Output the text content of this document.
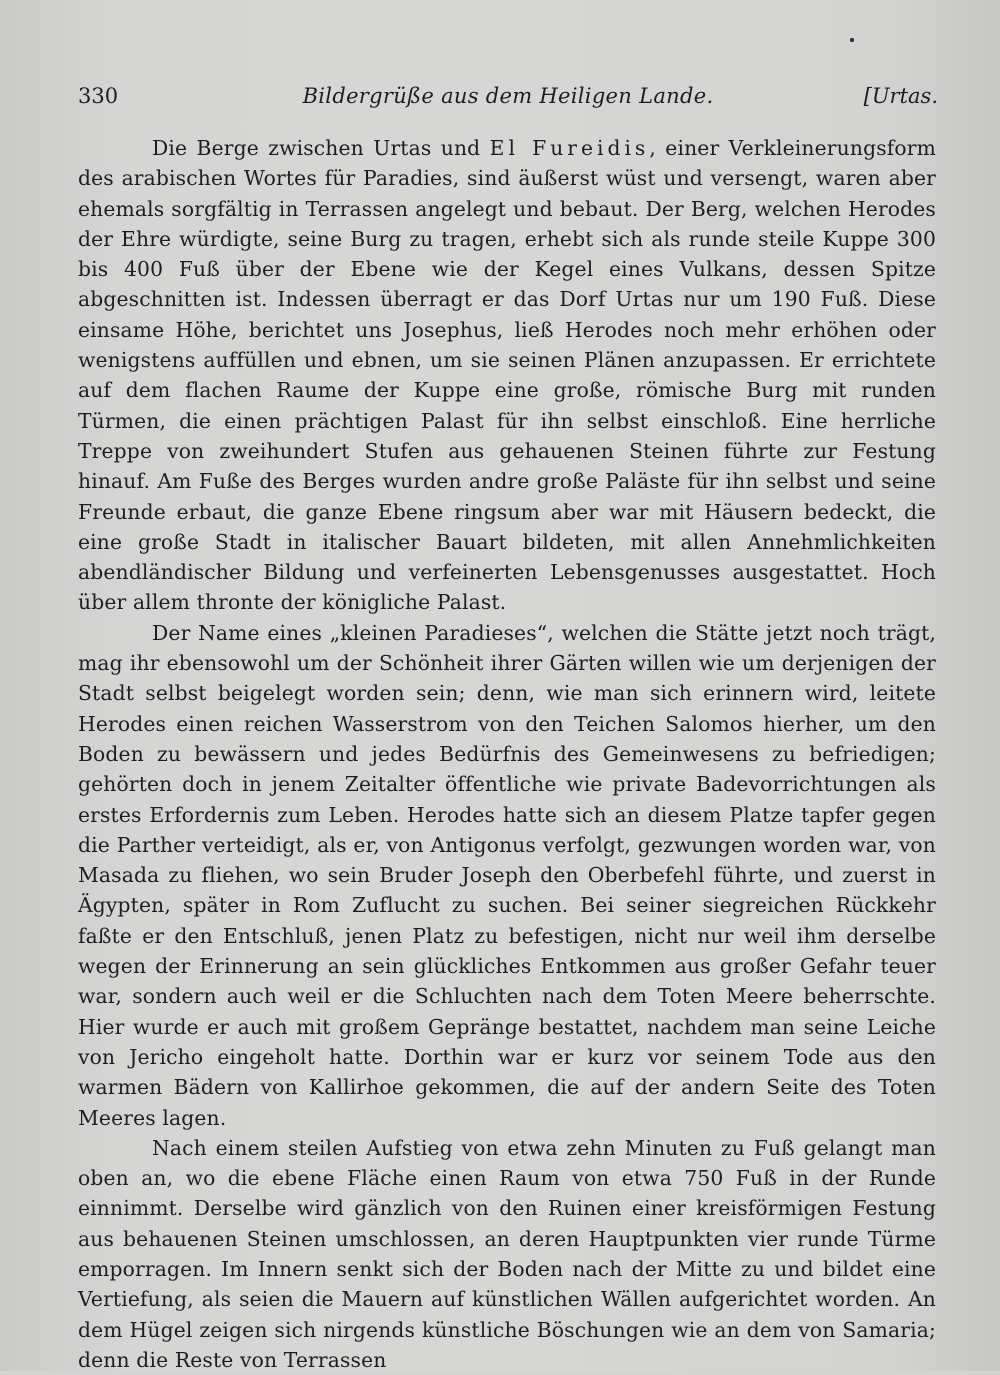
330	Bildergrüße aus dem Heiligen Lande.	[Urtas.

Die Berge zwischen Urtas und El Fureidis, einer Verkleinerungsform des arabischen Wortes für Paradies, sind äußerst wüst und versengt, waren aber ehemals sorgfältig in Terrassen angelegt und bebaut. Der Berg, welchen Herodes der Ehre würdigte, seine Burg zu tragen, erhebt sich als runde steile Kuppe 300 bis 400 Fuß über der Ebene wie der Kegel eines Vulkans, dessen Spitze abgeschnitten ist. Indessen überragt er das Dorf Urtas nur um 190 Fuß. Diese einsame Höhe, berichtet uns Josephus, ließ Herodes noch mehr erhöhen oder wenigstens auffüllen und ebnen, um sie seinen Plänen anzupassen. Er errichtete auf dem flachen Raume der Kuppe eine große, römische Burg mit runden Türmen, die einen prächtigen Palast für ihn selbst einschloß. Eine herrliche Treppe von zweihundert Stufen aus gehauenen Steinen führte zur Festung hinauf. Am Fuße des Berges wurden andre große Paläste für ihn selbst und seine Freunde erbaut, die ganze Ebene ringsum aber war mit Häusern bedeckt, die eine große Stadt in italischer Bauart bildeten, mit allen Annehmlichkeiten abendländischer Bildung und verfeinerten Lebensgenusses ausgestattet. Hoch über allem thronte der königliche Palast.

Der Name eines „kleinen Paradieses“, welchen die Stätte jetzt noch trägt, mag ihr ebensowohl um der Schönheit ihrer Gärten willen wie um derjenigen der Stadt selbst beigelegt worden sein; denn, wie man sich erinnern wird, leitete Herodes einen reichen Wasserstrom von den Teichen Salomos hierher, um den Boden zu bewässern und jedes Bedürfnis des Gemeinwesens zu befriedigen; gehörten doch in jenem Zeitalter öffentliche wie private Badevorrichtungen als erstes Erfordernis zum Leben. Herodes hatte sich an diesem Platze tapfer gegen die Parther verteidigt, als er, von Antigonus verfolgt, gezwungen worden war, von Masada zu fliehen, wo sein Bruder Joseph den Oberbefehl führte, und zuerst in Ägypten, später in Rom Zuflucht zu suchen. Bei seiner siegreichen Rückkehr faßte er den Entschluß, jenen Platz zu befestigen, nicht nur weil ihm derselbe wegen der Erinnerung an sein glückliches Entkommen aus großer Gefahr teuer war, sondern auch weil er die Schluchten nach dem Toten Meere beherrschte. Hier wurde er auch mit großem Gepränge bestattet, nachdem man seine Leiche von Jericho eingeholt hatte. Dorthin war er kurz vor seinem Tode aus den warmen Bädern von Kallirhoe gekommen, die auf der andern Seite des Toten Meeres lagen.

Nach einem steilen Aufstieg von etwa zehn Minuten zu Fuß gelangt man oben an, wo die ebene Fläche einen Raum von etwa 750 Fuß in der Runde einnimmt. Derselbe wird gänzlich von den Ruinen einer kreisförmigen Festung aus behauenen Steinen umschlossen, an deren Hauptpunkten vier runde Türme emporragen. Im Innern senkt sich der Boden nach der Mitte zu und bildet eine Vertiefung, als seien die Mauern auf künstlichen Wällen aufgerichtet worden. An dem Hügel zeigen sich nirgends künstliche Böschungen wie an dem von Samaria; denn die Reste von Terrassen
